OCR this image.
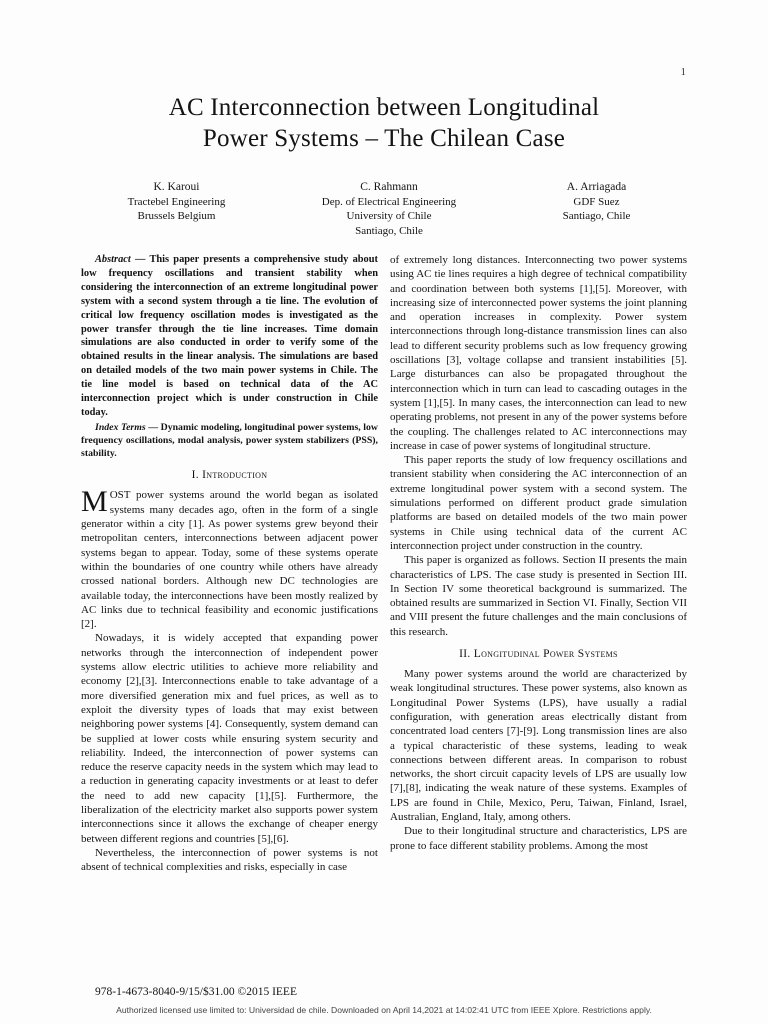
1
AC Interconnection between Longitudinal
Power Systems – The Chilean Case
K. Karoui
Tractebel Engineering
Brussels Belgium
C. Rahmann
Dep. of Electrical Engineering
University of Chile
Santiago, Chile
A. Arriagada
GDF Suez
Santiago, Chile

Abstract — This paper presents a comprehensive study about low frequency oscillations and transient stability when considering the interconnection of an extreme longitudinal power system with a second system through a tie line. The evolution of critical low frequency oscillation modes is investigated as the power transfer through the tie line increases. Time domain simulations are also conducted in order to verify some of the obtained results in the linear analysis. The simulations are based on detailed models of the two main power systems in Chile. The tie line model is based on technical data of the AC interconnection project which is under construction in Chile today.

Index Terms — Dynamic modeling, longitudinal power systems, low frequency oscillations, modal analysis, power system stabilizers (PSS), stability.

I. Introduction

MOST power systems around the world began as isolated systems many decades ago, often in the form of a single generator within a city [1]. As power systems grew beyond their metropolitan centers, interconnections between adjacent power systems began to appear. Today, some of these systems operate within the boundaries of one country while others have already crossed national borders. Although new DC technologies are available today, the interconnections have been mostly realized by AC links due to technical feasibility and economic justifications [2].

Nowadays, it is widely accepted that expanding power networks through the interconnection of independent power systems allow electric utilities to achieve more reliability and economy [2],[3]. Interconnections enable to take advantage of a more diversified generation mix and fuel prices, as well as to exploit the diversity types of loads that may exist between neighboring power systems [4]. Consequently, system demand can be supplied at lower costs while ensuring system security and reliability. Indeed, the interconnection of power systems can reduce the reserve capacity needs in the system which may lead to a reduction in generating capacity investments or at least to defer the need to add new capacity [1],[5]. Furthermore, the liberalization of the electricity market also supports power system interconnections since it allows the exchange of cheaper energy between different regions and countries [5],[6].

Nevertheless, the interconnection of power systems is not absent of technical complexities and risks, especially in case

of extremely long distances. Interconnecting two power systems using AC tie lines requires a high degree of technical compatibility and coordination between both systems [1],[5]. Moreover, with increasing size of interconnected power systems the joint planning and operation increases in complexity. Power system interconnections through long-distance transmission lines can also lead to different security problems such as low frequency growing oscillations [3], voltage collapse and transient instabilities [5]. Large disturbances can also be propagated throughout the interconnection which in turn can lead to cascading outages in the system [1],[5]. In many cases, the interconnection can lead to new operating problems, not present in any of the power systems before the coupling. The challenges related to AC interconnections may increase in case of power systems of longitudinal structure.

This paper reports the study of low frequency oscillations and transient stability when considering the AC interconnection of an extreme longitudinal power system with a second system. The simulations performed on different product grade simulation platforms are based on detailed models of the two main power systems in Chile using technical data of the current AC interconnection project under construction in the country.

This paper is organized as follows. Section II presents the main characteristics of LPS. The case study is presented in Section III. In Section IV some theoretical background is summarized. The obtained results are summarized in Section VI. Finally, Section VII and VIII present the future challenges and the main conclusions of this research.

II. Longitudinal Power Systems

Many power systems around the world are characterized by weak longitudinal structures. These power systems, also known as Longitudinal Power Systems (LPS), have usually a radial configuration, with generation areas electrically distant from concentrated load centers [7]-[9]. Long transmission lines are also a typical characteristic of these systems, leading to weak connections between different areas. In comparison to robust networks, the short circuit capacity levels of LPS are usually low [7],[8], indicating the weak nature of these systems. Examples of LPS are found in Chile, Mexico, Peru, Taiwan, Finland, Israel, Australian, England, Italy, among others.

Due to their longitudinal structure and characteristics, LPS are prone to face different stability problems. Among the most

978-1-4673-8040-9/15/$31.00 ©2015 IEEE
Authorized licensed use limited to: Universidad de chile. Downloaded on April 14,2021 at 14:02:41 UTC from IEEE Xplore. Restrictions apply.
